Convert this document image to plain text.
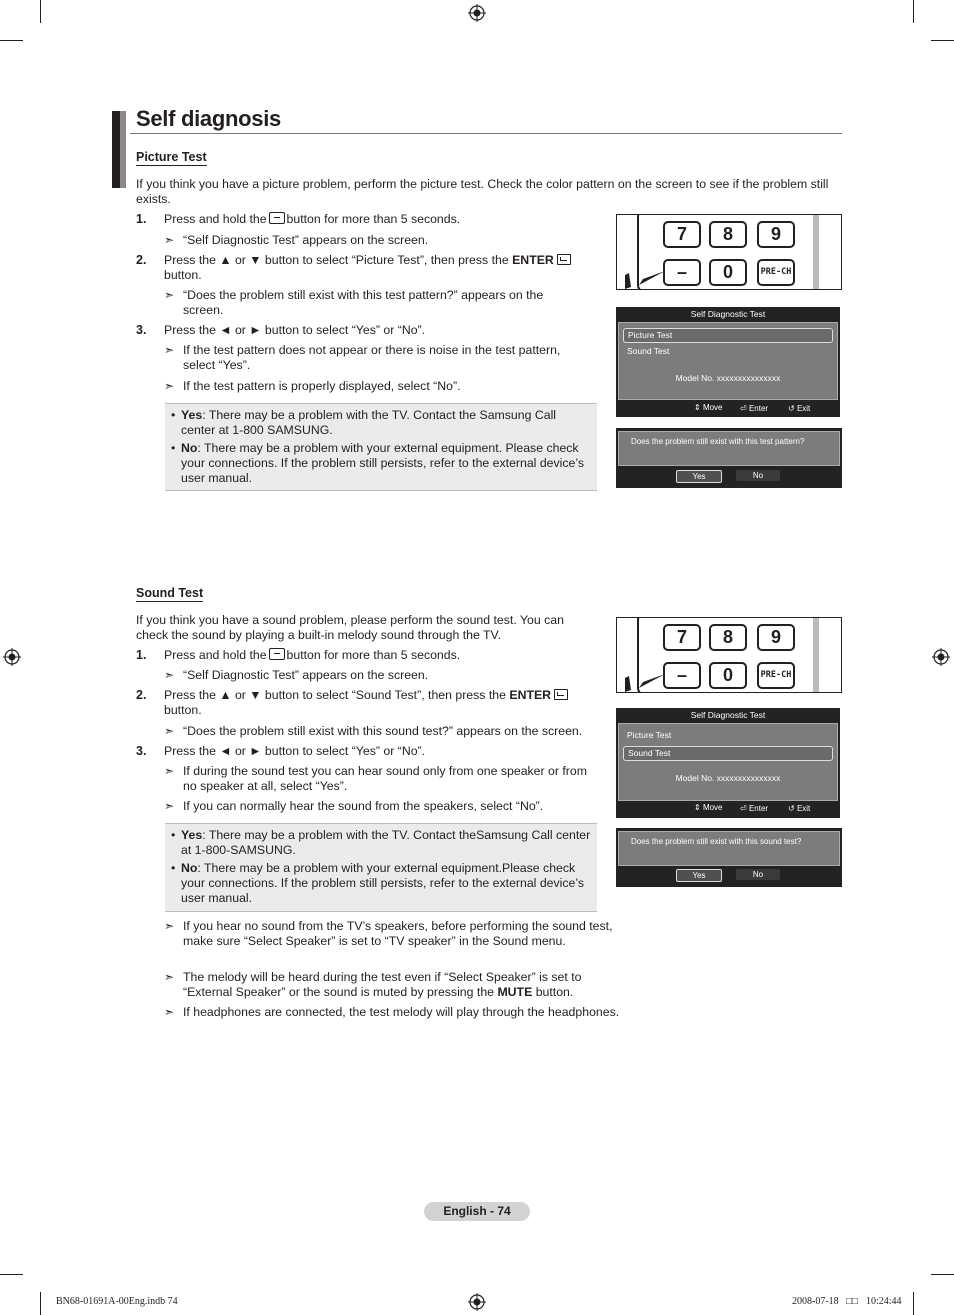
Self diagnosis
Picture Test
If you think you have a picture problem, perform the picture test. Check the color pattern on the screen to see if the problem still exists.
1. Press and hold the button for more than 5 seconds.
➣ “Self Diagnostic Test” appears on the screen.
2. Press the ▲ or ▼ button to select “Picture Test”, then press the ENTER
button.
➣ “Does the problem still exist with this test pattern?” appears on the screen.
3. Press the ◄ or ► button to select “Yes” or “No”.
➣ If the test pattern does not appear or there is noise in the test pattern, select “Yes”.
➣ If the test pattern is properly displayed, select “No”.
• Yes: There may be a problem with the TV. Contact the Samsung Call center at 1-800 SAMSUNG.
• No: There may be a problem with your external equipment. Please check your connections. If the problem still persists, refer to the external device’s user manual.
7	8	9
–	0	PRE-CH
Self Diagnostic Test
Picture Test
Sound Test
Model No. xxxxxxxxxxxxxxx
⇕ Move ⏎ Enter ↺ Exit
Does the problem still exist with this test pattern?
Yes	No
Sound Test
If you think you have a sound problem, please perform the sound test. You can check the sound by playing a built-in melody sound through the TV.
1. Press and hold the button for more than 5 seconds.
➣ “Self Diagnostic Test” appears on the screen.
2. Press the ▲ or ▼ button to select “Sound Test”, then press the ENTER
button.
➣ “Does the problem still exist with this sound test?” appears on the screen.
3. Press the ◄ or ► button to select “Yes” or “No”.
➣ If during the sound test you can hear sound only from one speaker or from no speaker at all, select “Yes”.
➣ If you can normally hear the sound from the speakers, select “No”.
• Yes: There may be a problem with the TV. Contact theSamsung Call center at 1-800-SAMSUNG.
• No: There may be a problem with your external equipment.Please check your connections. If the problem still persists, refer to the external device’s user manual.
➣ If you hear no sound from the TV’s speakers, before performing the sound test, make sure “Select Speaker” is set to “TV speaker” in the Sound menu.
➣ The melody will be heard during the test even if “Select Speaker” is set to “External Speaker” or the sound is muted by pressing the MUTE button.
➣ If headphones are connected, the test melody will play through the headphones.
7	8	9
–	0	PRE-CH
Self Diagnostic Test
Picture Test
Sound Test
Model No. xxxxxxxxxxxxxxx
⇕ Move ⏎ Enter ↺ Exit
Does the problem still exist with this sound test?
Yes	No
English - 74
BN68-01691A-00Eng.indb 74	2008-07-18 □□ 10:24:44
